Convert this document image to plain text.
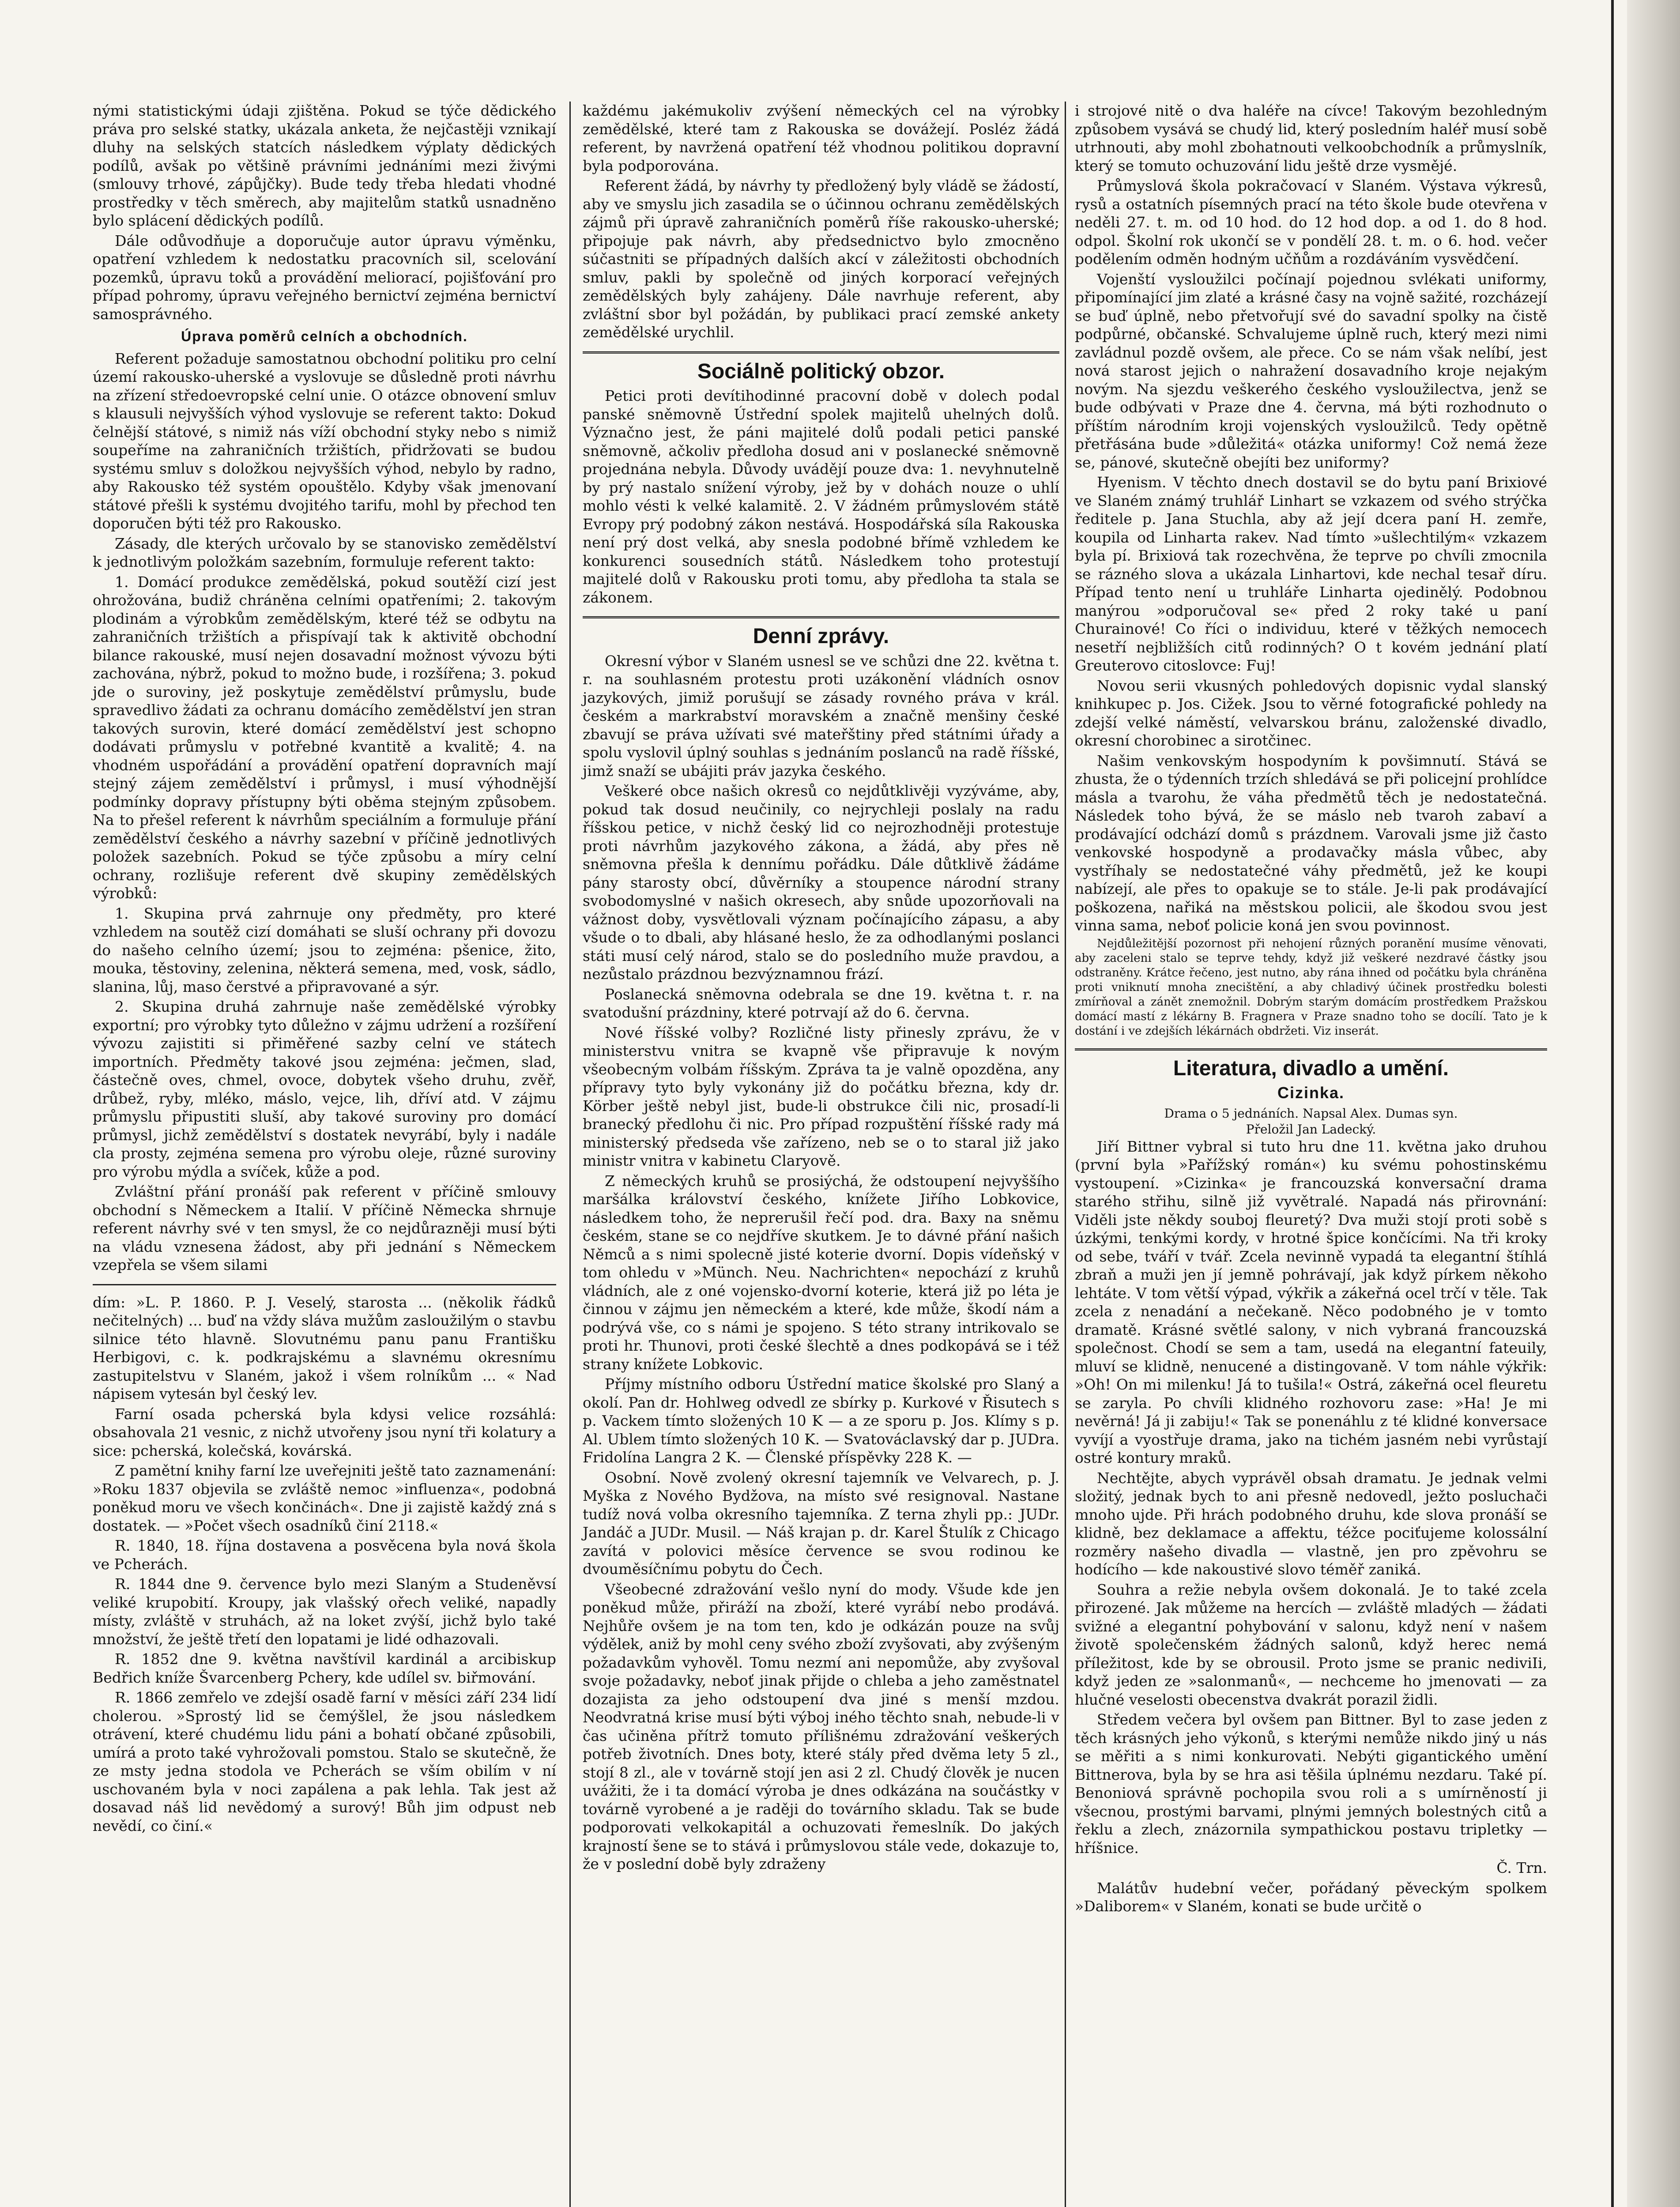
nými statistickými údaji zjištěna. Pokud se týče dědického práva pro selské statky, ukázala anketa, že nejčastěji vznikají dluhy na selských statcích následkem výplaty dědických podílů, avšak po většině právními jednáními mezi živými (smlouvy trhové, zápůjčky). Bude tedy třeba hledati vhodné prostředky v těch směrech, aby majitelům statků usnadněno bylo splácení dědických podílů.

Dále odůvodňuje a doporučuje autor úpravu výměnku, opatření vzhledem k nedostatku pracovních sil, scelování pozemků, úpravu toků a provádění meliorací, pojišťování pro případ pohromy, úpravu veřejného bernictví zejména bernictví samosprávného.

Úprava poměrů celních a obchodních.

Referent požaduje samostatnou obchodní politiku pro celní území rakousko-uherské a vyslovuje se důsledně proti návrhu na zřízení středoevropské celní unie. O otázce obnovení smluv s klausuli nejvyšších výhod vyslovuje se referent takto: Dokud čelnější státové, s nimiž nás víží obchodní styky nebo s nimiž soupeříme na zahraničních tržištích, přidržovati se budou systému smluv s doložkou nejvyšších výhod, nebylo by radno, aby Rakousko též systém opouštělo. Kdyby však jmenovaní státové přešli k systému dvojitého tarifu, mohl by přechod ten doporučen býti též pro Rakousko.

Zásady, dle kterých určovalo by se stanovisko zemědělství k jednotlivým položkám sazebním, formuluje referent takto:

1. Domácí produkce zemědělská, pokud soutěží cizí jest ohrožována, budiž chráněna celními opatřeními; 2. takovým plodinám a výrobkům zemědělským, které též se odbytu na zahraničních tržištích a přispívají tak k aktivitě obchodní bilance rakouské, musí nejen dosavadní možnost vývozu býti zachována, nýbrž, pokud to možno bude, i rozšířena; 3. pokud jde o suroviny, jež poskytuje zemědělství průmyslu, bude spravedlivo žádati za ochranu domácího zemědělství jen stran takových surovin, které domácí zemědělství jest schopno dodávati průmyslu v potřebné kvantitě a kvalitě; 4. na vhodném uspořádání a provádění opatření dopravních mají stejný zájem zemědělství i průmysl, i musí výhodnější podmínky dopravy přístupny býti oběma stejným způsobem. Na to přešel referent k návrhům speciálním a formuluje přání zemědělství českého a návrhy sazební v příčině jednotlivých položek sazebních. Pokud se týče způsobu a míry celní ochrany, rozlišuje referent dvě skupiny zemědělských výrobků:

1. Skupina prvá zahrnuje ony předměty, pro které vzhledem na soutěž cizí domáhati se sluší ochrany při dovozu do našeho celního území; jsou to zejména: pšenice, žito, mouka, těstoviny, zelenina, některá semena, med, vosk, sádlo, slanina, lůj, maso čerstvé a připravované a sýr.

2. Skupina druhá zahrnuje naše zemědělské výrobky exportní; pro výrobky tyto důležno v zájmu udržení a rozšíření vývozu zajistiti si přiměřené sazby celní ve státech importních. Předměty takové jsou zejména: ječmen, slad, částečně oves, chmel, ovoce, dobytek všeho druhu, zvěř, drůbež, ryby, mléko, máslo, vejce, lih, dříví atd. V zájmu průmyslu připustiti sluší, aby takové suroviny pro domácí průmysl, jichž zemědělství s dostatek nevyrábí, byly i nadále cla prosty, zejména semena pro výrobu oleje, různé suroviny pro výrobu mýdla a svíček, kůže a pod.

Zvláštní přání pronáší pak referent v příčině smlouvy obchodní s Německem a Italií. V příčině Německa shrnuje referent návrhy své v ten smysl, že co nejdůrazněji musí býti na vládu vznesena žádost, aby při jednání s Německem vzepřela se všem silami

dím: »L. P. 1860. P. J. Veselý, starosta ... (několik řádků nečitelných) ... buď na vždy sláva mužům zasloužilým o stavbu silnice této hlavně. Slovutnému panu panu Františku Herbigovi, c. k. podkrajskému a slavnému okresnímu zastupitelstvu v Slaném, jakož i všem rolníkům ... « Nad nápisem vytesán byl český lev.

Farní osada pcherská byla kdysi velice rozsáhlá: obsahovala 21 vesnic, z nichž utvořeny jsou nyní tři kolatury a sice: pcherská, kolečská, kovárská.

Z pamětní knihy farní lze uveřejniti ještě tato zaznamenání: »Roku 1837 objevila se zvláště nemoc »influenza«, podobná poněkud moru ve všech končinách«. Dne ji zajistě každý zná s dostatek. — »Počet všech osadníků činí 2118.«

R. 1840, 18. října dostavena a posvěcena byla nová škola ve Pcherách.

R. 1844 dne 9. července bylo mezi Slaným a Studeněvsí veliké krupobití. Kroupy, jak vlašský ořech veliké, napadly místy, zvláště v struhách, až na loket zvýší, jichž bylo také množství, že ještě třetí den lopatami je lidé odhazovali.

R. 1852 dne 9. května navštívil kardinál a arcibiskup Bedřich kníže Švarcenberg Pchery, kde udílel sv. biřmování.

R. 1866 zemřelo ve zdejší osadě farní v měsíci září 234 lidí cholerou. »Sprostý lid se čemýšlel, že jsou následkem otrávení, které chudému lidu páni a bohatí občané způsobili, umírá a proto také vyhrožovali pomstou. Stalo se skutečně, že ze msty jedna stodola ve Pcherách se vším obilím v ní uschovaném byla v noci zapálena a pak lehla. Tak jest až dosavad náš lid nevědomý a surový! Bůh jim odpust neb nevědí, co činí.«

každému jakémukoliv zvýšení německých cel na výrobky zemědělské, které tam z Rakouska se dovážejí. Posléz žádá referent, by navržená opatření též vhodnou politikou dopravní byla podporována.

Referent žádá, by návrhy ty předložený byly vládě se žádostí, aby ve smyslu jich zasadila se o účinnou ochranu zemědělských zájmů při úpravě zahraničních poměrů říše rakousko-uherské; připojuje pak návrh, aby předsednictvo bylo zmocněno súčastniti se případných dalších akcí v záležitosti obchodních smluv, pakli by společně od jiných korporací veřejných zemědělských byly zahájeny. Dále navrhuje referent, aby zvláštní sbor byl požádán, by publikaci prací zemské ankety zemědělské urychlil.

Sociálně politický obzor.

Petici proti devítihodinné pracovní době v dolech podal panské sněmovně Ústřední spolek majitelů uhelných dolů. Význačno jest, že páni majitelé dolů podali petici panské sněmovně, ačkoliv předloha dosud ani v poslanecké sněmovně projednána nebyla. Důvody uvádějí pouze dva: 1. nevyhnutelně by prý nastalo snížení výroby, jež by v dohách nouze o uhlí mohlo vésti k velké kalamitě. 2. V žádném průmyslovém státě Evropy prý podobný zákon nestává. Hospodářská síla Rakouska není prý dost velká, aby snesla podobné břímě vzhledem ke konkurenci sousedních států. Následkem toho protestují majitelé dolů v Rakousku proti tomu, aby předloha ta stala se zákonem.

Denní zprávy.

Okresní výbor v Slaném usnesl se ve schůzi dne 22. května t. r. na souhlasném protestu proti uzákonění vládních osnov jazykových, jimiž porušují se zásady rovného práva v král. českém a markrabství moravském a značně menšiny české zbavují se práva užívati své mateřštiny před státními úřady a spolu vyslovil úplný souhlas s jednáním poslanců na radě říšské, jimž snaží se ubájiti práv jazyka českého.

Veškeré obce našich okresů co nejdůtklivěji vyzýváme, aby, pokud tak dosud neučinily, co nejrychleji poslaly na radu říšskou petice, v nichž český lid co nejrozhodněji protestuje proti návrhům jazykového zákona, a žádá, aby přes ně sněmovna přešla k dennímu pořádku. Dále důtklivě žádáme pány starosty obcí, důvěrníky a stoupence národní strany svobodomyslné v našich okresech, aby snůde upozorňovali na vážnost doby, vysvětlovali význam počínajícího zápasu, a aby všude o to dbali, aby hlásané heslo, že za odhodlanými poslanci státi musí celý národ, stalo se do posledního muže pravdou, a nezůstalo prázdnou bezvýznamnou frází.

Poslanecká sněmovna odebrala se dne 19. května t. r. na svatodušní prázdniny, které potrvají až do 6. června.

Nové říšské volby? Rozličné listy přinesly zprávu, že v ministerstvu vnitra se kvapně vše připravuje k novým všeobecným volbám říšským. Zpráva ta je valně opozděna, any přípravy tyto byly vykonány již do počátku března, kdy dr. Körber ještě nebyl jist, bude-li obstrukce čili nic, prosadí-li branecký předlohu či nic. Pro případ rozpuštění říšské rady má ministerský předseda vše zařízeno, neb se o to staral již jako ministr vnitra v kabinetu Claryově.

Z německých kruhů se prosiýchá, že odstoupení nejvyššího maršálka království českého, knížete Jiřího Lobkovice, následkem toho, že neprerušil řečí pod. dra. Baxy na sněmu českém, stane se co nejdříve skutkem. Je to dávné přání našich Němců a s nimi spolecně jisté koterie dvorní. Dopis vídeňský v tom ohledu v »Münch. Neu. Nachrichten« nepochází z kruhů vládních, ale z oné vojensko-dvorní koterie, která již po léta je činnou v zájmu jen německém a které, kde může, škodí nám a podrývá vše, co s námi je spojeno. S této strany intrikovalo se proti hr. Thunovi, proti české šlechtě a dnes podkopává se i též strany knížete Lobkovic.

Příjmy místního odboru Ústřední matice školské pro Slaný a okolí. Pan dr. Hohlweg odvedl ze sbírky p. Kurkové v Řisutech s p. Vackem tímto složených 10 K — a ze sporu p. Jos. Klímy s p. Al. Ublem tímto složených 10 K. — Svatováclavský dar p. JUDra. Fridolína Langra 2 K. — Členské příspěvky 228 K. —

Osobní. Nově zvolený okresní tajemník ve Velvarech, p. J. Myška z Nového Bydžova, na místo své resignoval. Nastane tudíž nová volba okresního tajemníka. Z terna zhyli pp.: JUDr. Jandáč a JUDr. Musil. — Náš krajan p. dr. Karel Štulík z Chicago zavítá v polovici měsíce července se svou rodinou ke dvouměsíčnímu pobytu do Čech.

Všeobecné zdražování vešlo nyní do mody. Všude kde jen poněkud může, přiráží na zboží, které vyrábí nebo prodává. Nejhůře ovšem je na tom ten, kdo je odkázán pouze na svůj výdělek, aniž by mohl ceny svého zboží zvyšovati, aby zvýšeným požadavkům vyhověl. Tomu nezmí ani nepomůže, aby zvyšoval svoje požadavky, neboť jinak přijde o chleba a jeho zaměstnatel dozajista za jeho odstoupení dva jiné s menší mzdou. Neodvratná krise musí býti výboj iného těchto snah, nebude-li v čas učiněna přítrž tomuto přílišnému zdražování veškerých potřeb životních. Dnes boty, které stály před dvěma lety 5 zl., stojí 8 zl., ale v továrně stojí jen asi 2 zl. Chudý člověk je nucen uvážiti, že i ta domácí výroba je dnes odkázána na součástky v továrně vyrobené a je raději do továrního skladu. Tak se bude podporovati velkokapitál a ochuzovati řemeslník. Do jakých krajností šene se to stává i průmyslovou stále vede, dokazuje to, že v poslední době byly zdraženy

i strojové nitě o dva haléře na cívce! Takovým bezohledným způsobem vysává se chudý lid, který posledním haléř musí sobě utrhnouti, aby mohl zbohatnouti velkoobchodník a průmyslník, který se tomuto ochuzování lidu ještě drze vysmějé.

Průmyslová škola pokračovací v Slaném. Výstava výkresů, rysů a ostatních písemných prací na této škole bude otevřena v neděli 27. t. m. od 10 hod. do 12 hod dop. a od 1. do 8 hod. odpol. Školní rok ukončí se v pondělí 28. t. m. o 6. hod. večer podělením odměn hodným učňům a rozdáváním vysvědčení.

Vojenští vysloužilci počínají pojednou svlékati uniformy, připomínající jim zlaté a krásné časy na vojně sažité, rozcházejí se buď úplně, nebo přetvořují své do savadní spolky na čistě podpůrné, občanské. Schvalujeme úplně ruch, který mezi nimi zavládnul pozdě ovšem, ale přece. Co se nám však nelíbí, jest nová starost jejich o nahražení dosavadního kroje nejakým novým. Na sjezdu veškerého českého vysloužilectva, jenž se bude odbývati v Praze dne 4. června, má býti rozhodnuto o příštím národním kroji vojenských vysloužilců. Tedy opětně přetřásána bude »důležitá« otázka uniformy! Což nemá žeze se, pánové, skutečně obejíti bez uniformy?

Hyenism. V těchto dnech dostavil se do bytu paní Brixiové ve Slaném známý truhlář Linhart se vzkazem od svého strýčka ředitele p. Jana Stuchla, aby až její dcera paní H. zemře, koupila od Linharta rakev. Nad tímto »ušlechtilým« vzkazem byla pí. Brixiová tak rozechvěna, že teprve po chvíli zmocnila se rázného slova a ukázala Linhartovi, kde nechal tesař díru. Případ tento není u truhláře Linharta ojedinělý. Podobnou manýrou »odporučoval se« před 2 roky také u paní Churainové! Co říci o individuu, které v těžkých nemocech nesetří nejbližších citů rodinných? O t kovém jednání platí Greuterovo citoslovce: Fuj!

Novou serii vkusných pohledových dopisnic vydal slanský knihkupec p. Jos. Cižek. Jsou to věrné fotografické pohledy na zdejší velké náměstí, velvarskou bránu, založenské divadlo, okresní chorobinec a sirotčinec.

Našim venkovským hospodyním k povšimnutí. Stává se zhusta, že o týdenních trzích shledává se při policejní prohlídce másla a tvarohu, že váha předmětů těch je nedostatečná. Následek toho bývá, že se máslo neb tvaroh zabaví a prodávající odchází domů s prázdnem. Varovali jsme již často venkovské hospodyně a prodavačky másla vůbec, aby vystříhaly se nedostatečné váhy předmětů, jež ke koupi nabízejí, ale přes to opakuje se to stále. Je-li pak prodávající poškozena, nařiká na městskou policii, ale škodou svou jest vinna sama, neboť policie koná jen svou povinnost.

Nejdůležitější pozornost při nehojení různých poranění musíme věnovati, aby zaceleni stalo se teprve tehdy, když již veškeré nezdravé částky jsou odstraněny. Krátce řečeno, jest nutno, aby rána ihned od počátku byla chráněna proti vniknutí mnoha znecištění, a aby chladivý účinek prostředku bolesti zmírňoval a zánět znemožnil. Dobrým starým domácím prostředkem Pražskou domácí mastí z lékárny B. Fragnera v Praze snadno toho se docílí. Tato je k dostání i ve zdejších lékárnách obdržeti. Viz inserát.

Literatura, divadlo a umění.
Cizinka.

Drama o 5 jednáních. Napsal Alex. Dumas syn.

Přeložil Jan Ladecký.

Jiří Bittner vybral si tuto hru dne 11. května jako druhou (první byla »Pařížský román«) ku svému pohostinskému vystoupení. »Cizinka« je francouzská konversační drama starého střihu, silně již vyvětralé. Napadá nás přirovnání: Viděli jste někdy souboj fleuretý? Dva muži stojí proti sobě s úzkými, tenkými kordy, v hrotné špice končícími. Na tři kroky od sebe, tváří v tvář. Zcela nevinně vypadá ta elegantní štíhlá zbraň a muži jen jí jemně pohrávají, jak když pírkem někoho lehtáte. V tom větší výpad, výkřik a zákeřná ocel trčí v těle. Tak zcela z nenadání a nečekaně. Něco podobného je v tomto dramatě. Krásné světlé salony, v nich vybraná francouzská společnost. Chodí se sem a tam, usedá na elegantní fateuily, mluví se klidně, nenucené a distingovaně. V tom náhle výkřik: »Oh! On mi milenku! Já to tušila!« Ostrá, zákeřná ocel fleuretu se zaryla. Po chvíli klidného rozhovoru zase: »Ha! Je mi nevěrná! Já ji zabiju!« Tak se ponenáhlu z té klidné konversace vyvíjí a vyostřuje drama, jako na tichém jasném nebi vyrůstají ostré kontury mraků.

Nechtějte, abych vyprávěl obsah dramatu. Je jednak velmi složitý, jednak bych to ani přesně nedovedl, ježto posluchači mnoho ujde. Při hrách podobného druhu, kde slova pronáší se klidně, bez deklamace a affektu, téžce pociťujeme kolossální rozměry našeho divadla — vlastně, jen pro zpěvohru se hodícího — kde nakoustivé slovo téměř zaniká.

Souhra a režie nebyla ovšem dokonalá. Je to také zcela přirozené. Jak můžeme na hercích — zvláště mladých — žádati svižné a elegantní pohybování v salonu, když není v našem životě společenském žádných salonů, když herec nemá příležitost, kde by se obrousil. Proto jsme se pranic nediviIi, když jeden ze »salonmanů«, — nechceme ho jmenovati — za hlučné veselosti obecenstva dvakrát porazil židli.

Středem večera byl ovšem pan Bittner. Byl to zase jeden z těch krásných jeho výkonů, s kterými nemůže nikdo jiný u nás se měřiti a s nimi konkurovati. Nebýti gigantického umění Bittnerova, byla by se hra asi těšila úplnému nezdaru. Také pí. Benoniová správně pochopila svou roli a s umírněností ji všecnou, prostými barvami, plnými jemných bolestných citů a řeklu a zlech, znázornila sympathickou postavu tripletky — hříšnice.

Č. Trn.

Malátův hudební večer, pořádaný pěveckým spolkem »Daliborem« v Slaném, konati se bude určitě o
